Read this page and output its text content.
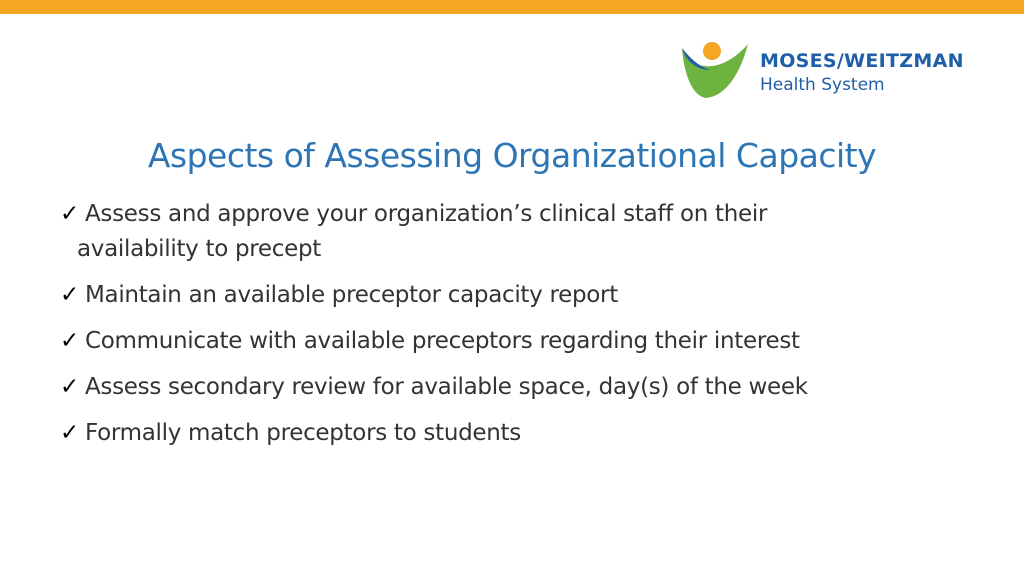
MOSES/WEITZMAN
Health System
Aspects of Assessing Organizational Capacity
✓ Assess and approve your organization’s clinical staff on their
availability to precept
✓ Maintain an available preceptor capacity report
✓ Communicate with available preceptors regarding their interest
✓ Assess secondary review for available space, day(s) of the week
✓ Formally match preceptors to students
